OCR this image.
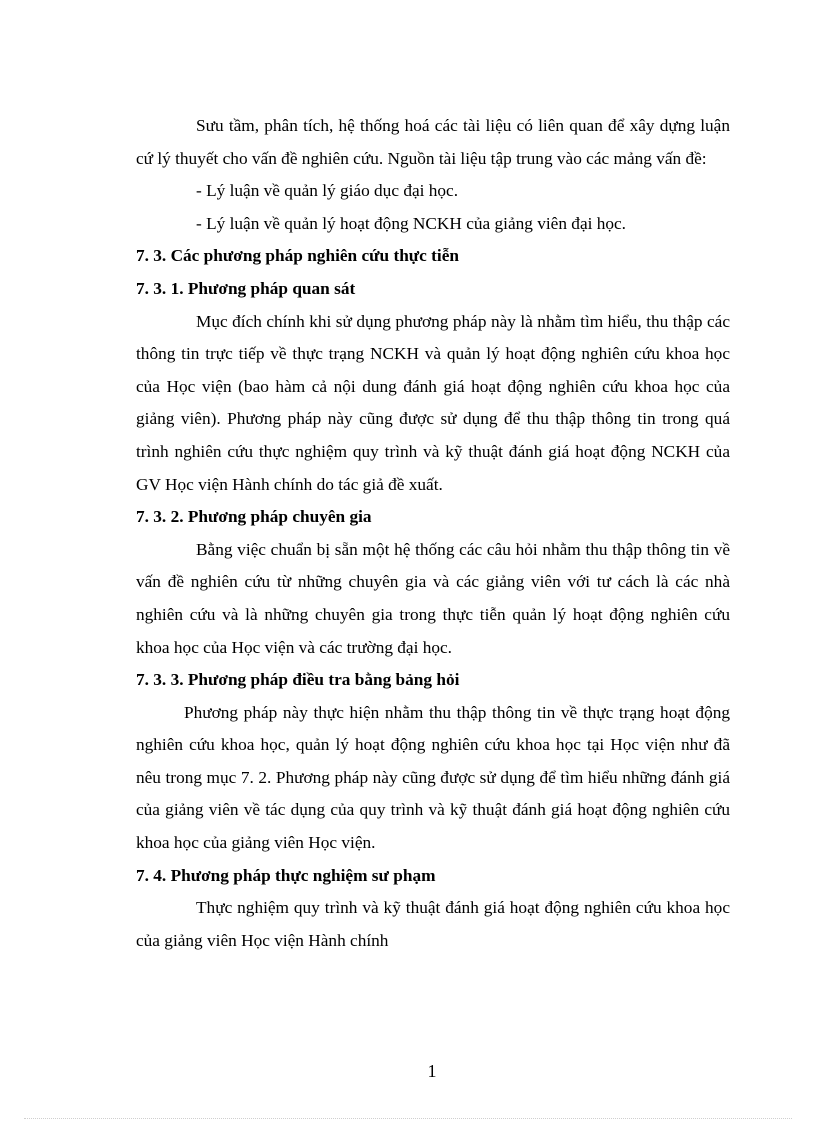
Sưu tầm, phân tích, hệ thống hoá các tài liệu có liên quan để xây dựng luận cứ lý thuyết cho vấn đề nghiên cứu. Nguồn tài liệu tập trung vào các mảng vấn đề:

- Lý luận về quản lý giáo dục đại học.

- Lý luận về quản lý hoạt động NCKH của giảng viên đại học.

7. 3. Các phương pháp nghiên cứu thực tiễn
7. 3. 1. Phương pháp quan sát

Mục đích chính khi sử dụng phương pháp này là nhằm tìm hiểu, thu thập các thông tin trực tiếp về thực trạng NCKH và quản lý hoạt động nghiên cứu khoa học của Học viện (bao hàm cả nội dung đánh giá hoạt động nghiên cứu khoa học của giảng viên). Phương pháp này cũng được sử dụng để thu thập thông tin trong quá trình nghiên cứu thực nghiệm quy trình và kỹ thuật đánh giá hoạt động NCKH của GV Học viện Hành chính do tác giả đề xuất.

7. 3. 2. Phương pháp chuyên gia

Bằng việc chuẩn bị sẵn một hệ thống các câu hỏi nhằm thu thập thông tin về vấn đề nghiên cứu từ những chuyên gia và các giảng viên với tư cách là các nhà nghiên cứu và là những chuyên gia trong thực tiễn quản lý hoạt động nghiên cứu khoa học của Học viện và các trường đại học.

7. 3. 3. Phương pháp điều tra bằng bảng hỏi

Phương pháp này thực hiện nhằm thu thập thông tin về thực trạng hoạt động nghiên cứu khoa học, quản lý hoạt động nghiên cứu khoa học tại Học viện như đã nêu trong mục 7. 2. Phương pháp này cũng được sử dụng để tìm hiểu những đánh giá của giảng viên về tác dụng của quy trình và kỹ thuật đánh giá hoạt động nghiên cứu khoa học của giảng viên Học viện.

7. 4. Phương pháp thực nghiệm sư phạm

Thực nghiệm quy trình và kỹ thuật đánh giá hoạt động nghiên cứu khoa học của giảng viên Học viện Hành chính

1
